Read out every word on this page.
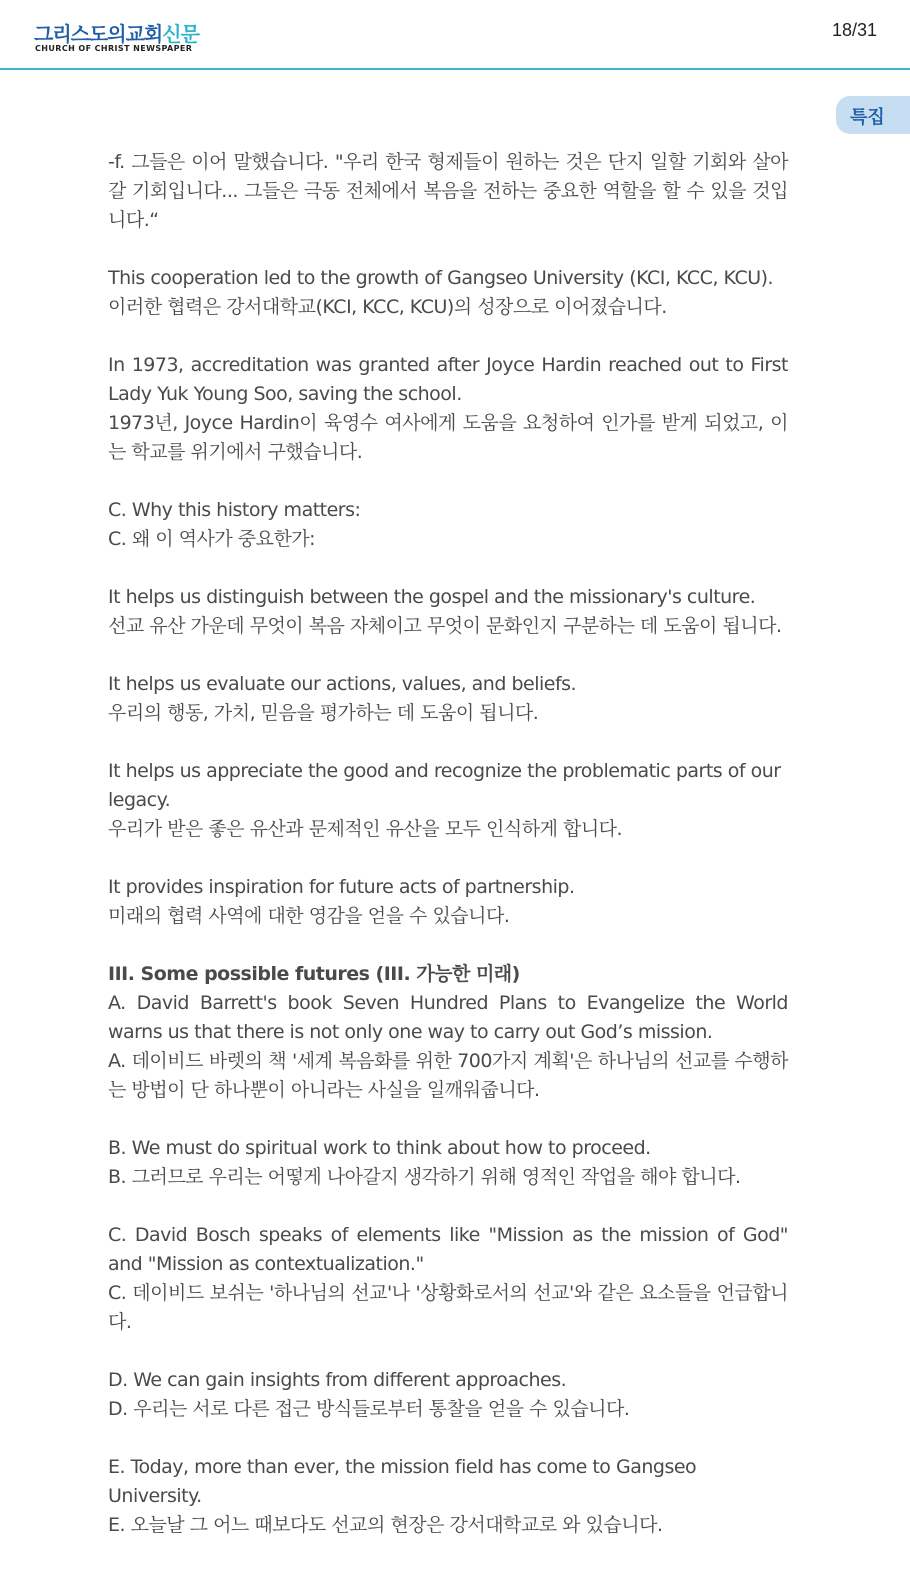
그리스도의교회신문
CHURCH OF CHRIST NEWSPAPER
18/31
특집

-f. 그들은 이어 말했습니다. "우리 한국 형제들이 원하는 것은 단지 일할 기회와 살아갈 기회입니다... 그들은 극동 전체에서 복음을 전하는 중요한 역할을 할 수 있을 것입니다.“

This cooperation led to the growth of Gangseo University (KCI, KCC, KCU).

이러한 협력은 강서대학교(KCI, KCC, KCU)의 성장으로 이어졌습니다.

In 1973, accreditation was granted after Joyce Hardin reached out to First Lady Yuk Young Soo, saving the school.

1973년, Joyce Hardin이 육영수 여사에게 도움을 요청하여 인가를 받게 되었고, 이는 학교를 위기에서 구했습니다.

C. Why this history matters:

C. 왜 이 역사가 중요한가:

It helps us distinguish between the gospel and the missionary's culture.

선교 유산 가운데 무엇이 복음 자체이고 무엇이 문화인지 구분하는 데 도움이 됩니다.

It helps us evaluate our actions, values, and beliefs.

우리의 행동, 가치, 믿음을 평가하는 데 도움이 됩니다.

It helps us appreciate the good and recognize the problematic parts of our legacy.

우리가 받은 좋은 유산과 문제적인 유산을 모두 인식하게 합니다.

It provides inspiration for future acts of partnership.

미래의 협력 사역에 대한 영감을 얻을 수 있습니다.

III. Some possible futures (III. 가능한 미래)

A. David Barrett's book Seven Hundred Plans to Evangelize the World warns us that there is not only one way to carry out God’s mission.

A. 데이비드 바렛의 책 '세계 복음화를 위한 700가지 계획'은 하나님의 선교를 수행하는 방법이 단 하나뿐이 아니라는 사실을 일깨워줍니다.

B. We must do spiritual work to think about how to proceed.

B. 그러므로 우리는 어떻게 나아갈지 생각하기 위해 영적인 작업을 해야 합니다.

C. David Bosch speaks of elements like "Mission as the mission of God" and "Mission as contextualization."

C. 데이비드 보쉬는 '하나님의 선교'나 '상황화로서의 선교'와 같은 요소들을 언급합니다.

D. We can gain insights from different approaches.

D. 우리는 서로 다른 접근 방식들로부터 통찰을 얻을 수 있습니다.

E. Today, more than ever, the mission field has come to Gangseo University.

E. 오늘날 그 어느 때보다도 선교의 현장은 강서대학교로 와 있습니다.
